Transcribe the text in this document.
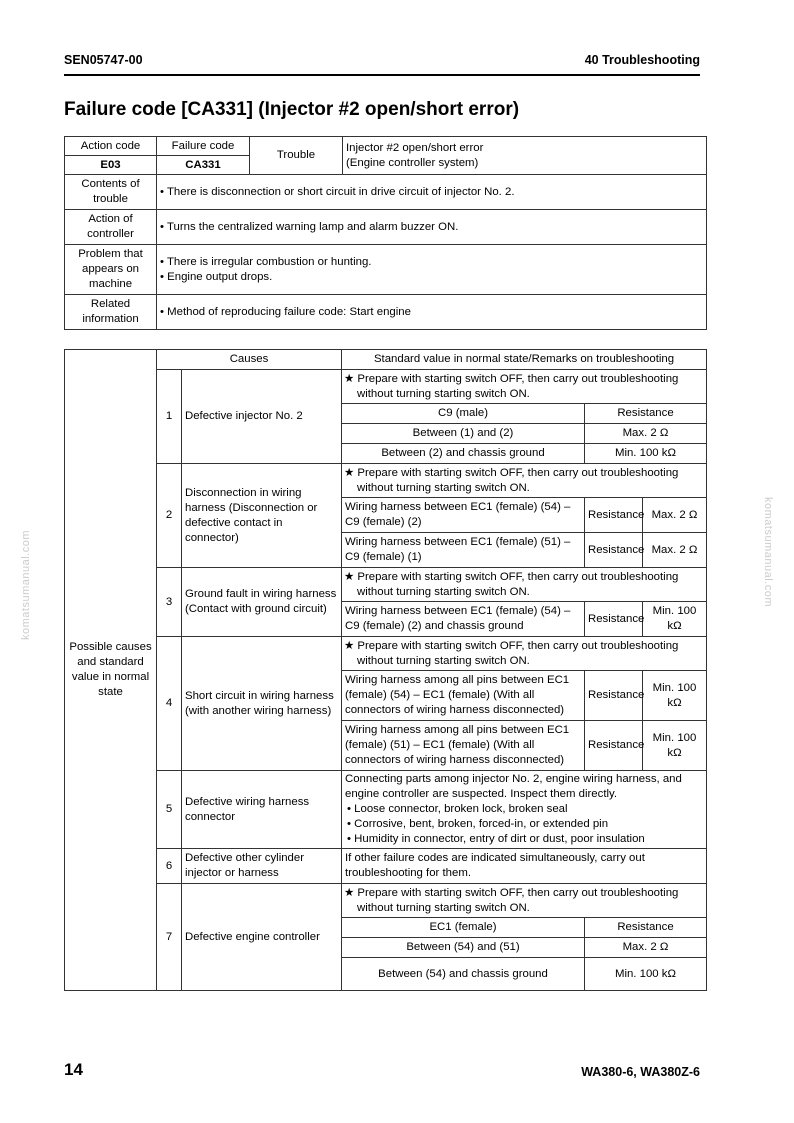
SEN05747-00	40 Troubleshooting
Failure code [CA331] (Injector #2 open/short error)
Action code	Failure code	Trouble	Injector #2 open/short error
(Engine controller system)

E03	CA331		
Contents of trouble	• There is disconnection or short circuit in drive circuit of injector No. 2.		

Action of controller	• Turns the centralized warning lamp and alarm buzzer ON.		

Problem that appears on machine	• There is irregular combustion or hunting.
• Engine output drops.		

Related information	• Method of reproducing failure code: Start engine		
Possible causes and standard value in normal state	Causes		Standard value in normal state/Remarks on troubleshooting		
	1	Defective injector No. 2	★ Prepare with starting switch OFF, then carry out troubleshooting without turning starting switch ON.		
			C9 (male)	Resistance	
			Between (1) and (2)	Max. 2 Ω	
			Between (2) and chassis ground	Min. 100 kΩ	
	2	Disconnection in wiring harness (Disconnection or defective contact in connector)	★ Prepare with starting switch OFF, then carry out troubleshooting without turning starting switch ON.		
			Wiring harness between EC1 (female) (54) – C9 (female) (2)	Resistance	Max. 2 Ω
			Wiring harness between EC1 (female) (51) – C9 (female) (1)	Resistance	Max. 2 Ω
	3	Ground fault in wiring harness (Contact with ground circuit)	★ Prepare with starting switch OFF, then carry out troubleshooting without turning starting switch ON.		
			Wiring harness between EC1 (female) (54) – C9 (female) (2) and chassis ground	Resistance	Min. 100 kΩ
	4	Short circuit in wiring harness (with another wiring harness)	★ Prepare with starting switch OFF, then carry out troubleshooting without turning starting switch ON.		
			Wiring harness among all pins between EC1 (female) (54) – EC1 (female) (With all connectors of wiring harness disconnected)	Resistance	Min. 100 kΩ
			Wiring harness among all pins between EC1 (female) (51) – EC1 (female) (With all connectors of wiring harness disconnected)	Resistance	Min. 100 kΩ
	5	Defective wiring harness connector	Connecting parts among injector No. 2, engine wiring harness, and engine controller are suspected. Inspect them directly.
• Loose connector, broken lock, broken seal
• Corrosive, bent, broken, forced-in, or extended pin
• Humidity in connector, entry of dirt or dust, poor insulation		

	6	Defective other cylinder injector or harness	If other failure codes are indicated simultaneously, carry out troubleshooting for them.		
	7	Defective engine controller	★ Prepare with starting switch OFF, then carry out troubleshooting without turning starting switch ON.		
			EC1 (female)	Resistance	
			Between (54) and (51)	Max. 2 Ω	
			Between (54) and chassis ground	Min. 100 kΩ	
komatsumanual.com	komatsumanual.com
14	WA380-6, WA380Z-6
